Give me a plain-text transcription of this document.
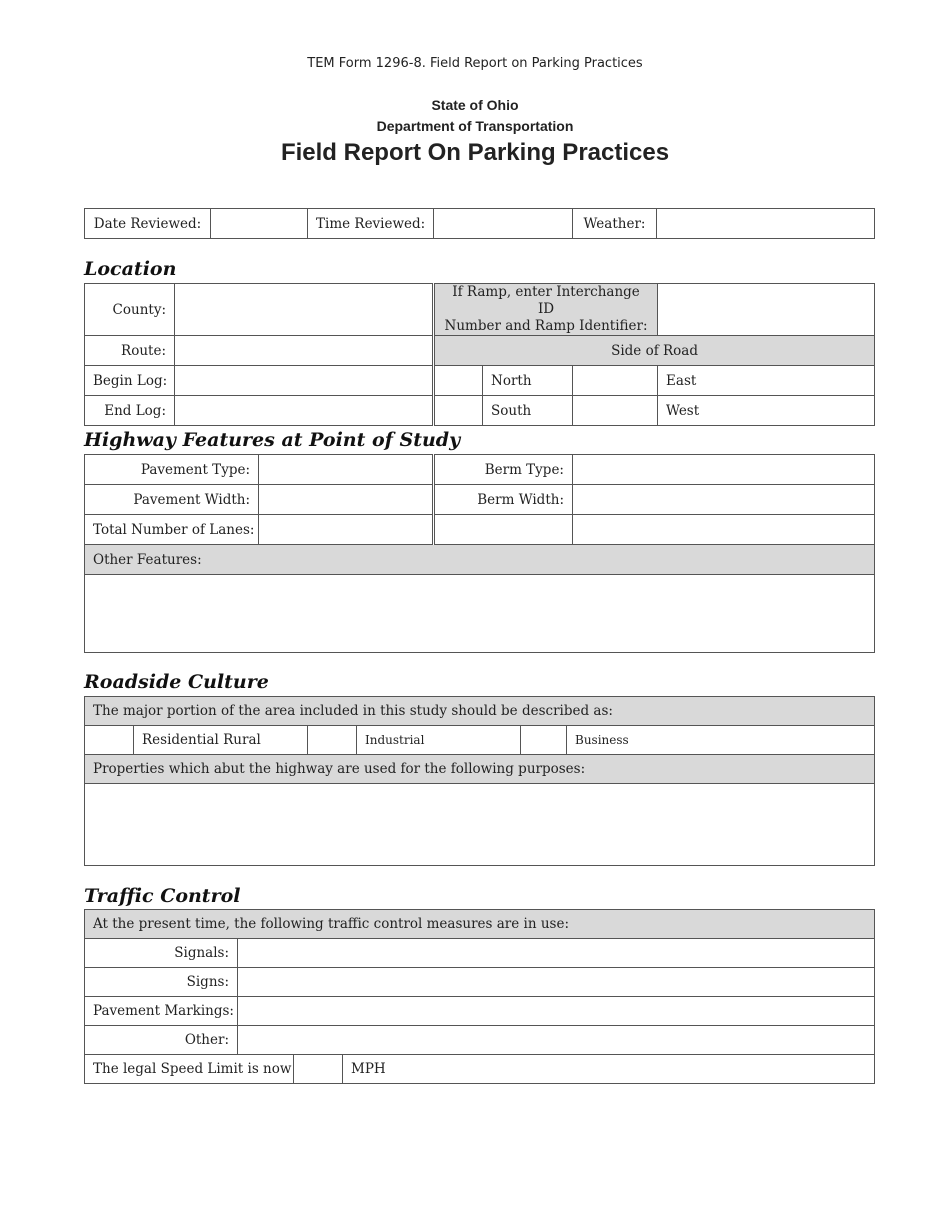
TEM Form 1296-8. Field Report on Parking Practices
State of Ohio
Department of Transportation
Field Report On Parking Practices
Date Reviewed:		Time Reviewed:		Weather:	
Location
County:		If Ramp, enter Interchange ID
Number and Ramp Identifier:			

Route:		Side of Road			
Begin Log:			North		East
End Log:			South		West
Highway Features at Point of Study
Pavement Type:		Berm Type:	
Pavement Width:		Berm Width:	
Total Number of Lanes:			
Other Features:			

Roadside Culture
The major portion of the area included in this study should be described as:
	Residential Rural		Industrial		Business
Properties which abut the highway are used for the following purposes:

Traffic Control
At the present time, the following traffic control measures are in use:			
Signals:			
Signs:			
Pavement Markings:			
Other:			
The legal Speed Limit is now			MPH
